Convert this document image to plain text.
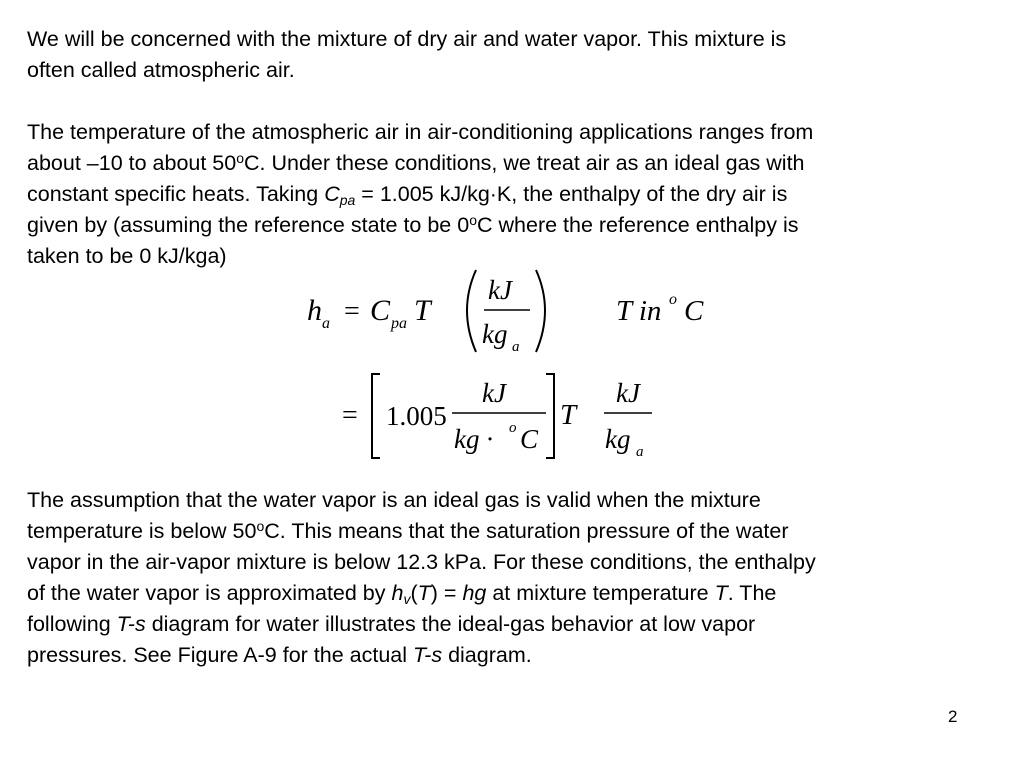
We will be concerned with the mixture of dry air and water vapor. This mixture is
often called atmospheric air.
The temperature of the atmospheric air in air-conditioning applications ranges from
about –10 to about 50$^o$C. Under these conditions, we treat air as an ideal gas with
constant specific heats. Taking $C_{pa} = 1.005$ kJ/kg·K, the enthalpy of the dry air is
given by (assuming the reference state to be 0$^o$C where the reference enthalpy is
taken to be 0 kJ/kga)
h a = C pa T
kJ
kg a
T in o C
= 1.005
kJ
kg · o C
T
kJ
kg a
The assumption that the water vapor is an ideal gas is valid when the mixture
temperature is below 50$^o$C. This means that the saturation pressure of the water
vapor in the air-vapor mixture is below 12.3 kPa. For these conditions, the enthalpy
of the water vapor is approximated by $h_v(T)$ = hg at mixture temperature T. The
following T-s diagram for water illustrates the ideal-gas behavior at low vapor
pressures. See Figure A-9 for the actual T-s diagram.
2
